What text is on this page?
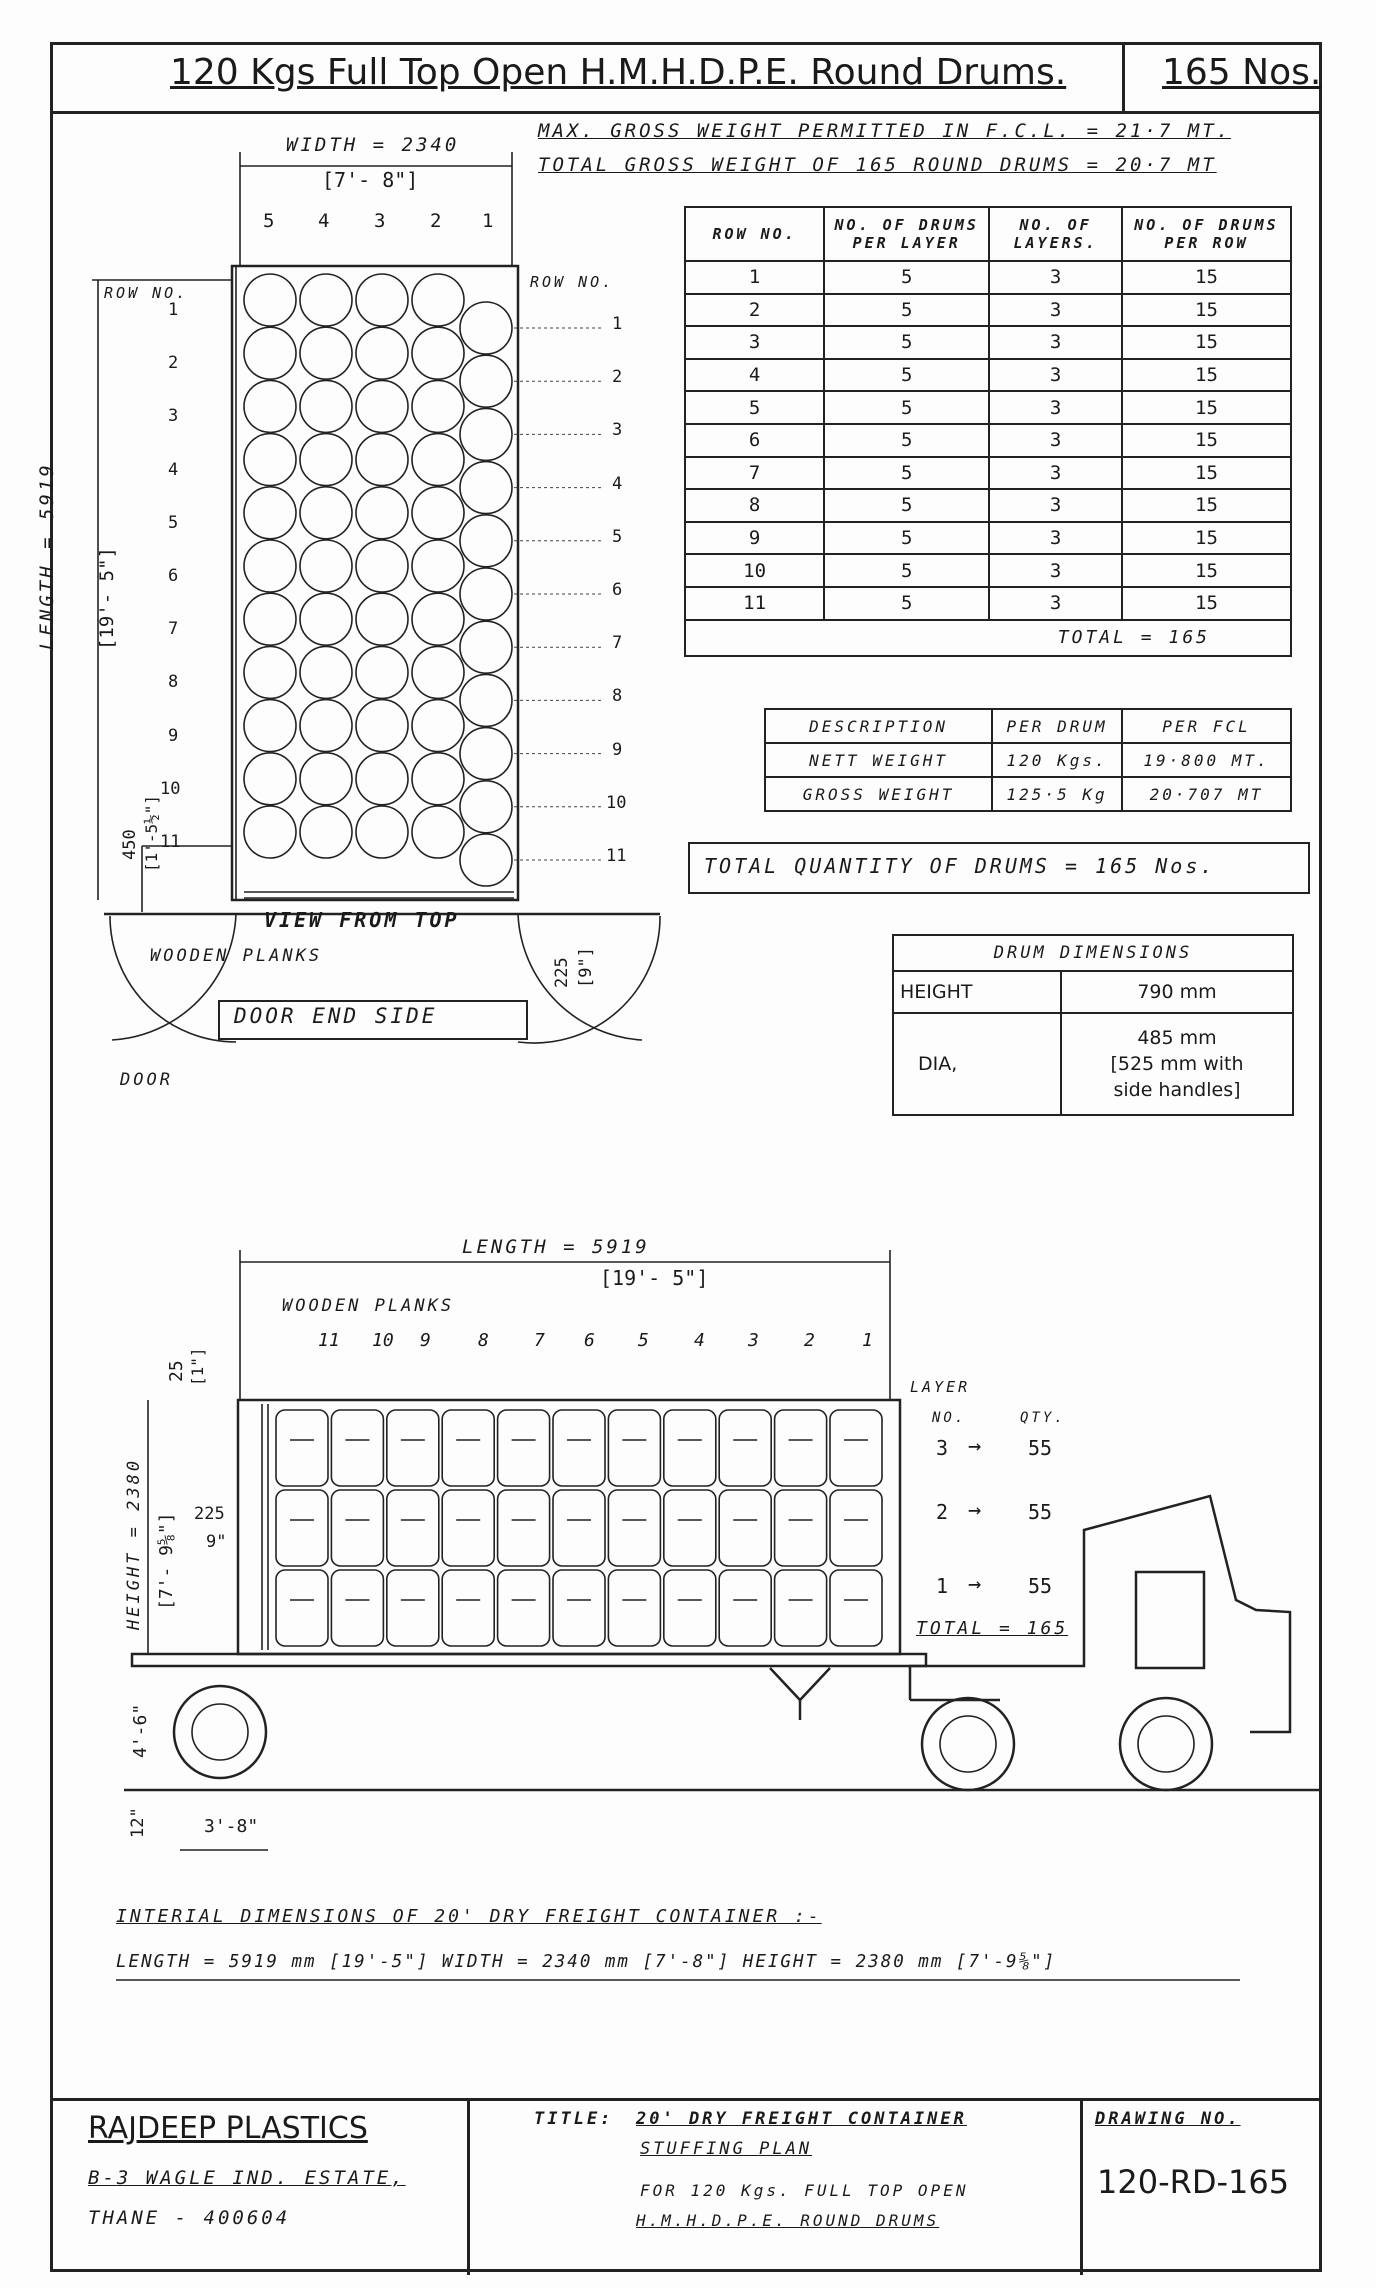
120 Kgs Full Top Open H.M.H.D.P.E. Round Drums.	165 Nos.
MAX. GROSS WEIGHT PERMITTED IN F.C.L. = 21·7 MT.
TOTAL GROSS WEIGHT OF 165 ROUND DRUMS = 20·7 MT
WIDTH = 2340
[7'- 8"]
ROW NO.
ROW NO.
5 4 3 2 1
1
2
3
4
5
6
7
8
9
10
11
1
2
3
4
5
6
7
8
9
10
11
LENGTH = 5919 [19'- 5"]
450 [1'-5½"]
225 [9"]
VIEW FROM TOP
WOODEN PLANKS
DOOR END SIDE
DOOR
ROW NO.	NO. OF DRUMS PER LAYER	NO. OF LAYERS.	NO. OF DRUMS PER ROW
1	5	3	15
2	5	3	15
3	5	3	15
4	5	3	15
5	5	3	15
6	5	3	15
7	5	3	15
8	5	3	15
9	5	3	15
10	5	3	15
11	5	3	15
TOTAL = 165			
DESCRIPTION	PER DRUM	PER FCL
NETT WEIGHT	120 Kgs.	19·800 MT.
GROSS WEIGHT	125·5 Kg	20·707 MT
TOTAL QUANTITY OF DRUMS = 165 Nos.
DRUM DIMENSIONS	
HEIGHT	790 mm
DIA,	485 mm
[525 mm with
side handles]
LENGTH = 5919
[19'- 5"]
WOODEN PLANKS
11 10 9	8	7 6 5	4 3	2	1
25 [1"]
HEIGHT = 2380 [7'- 9⅝"] 225
9"
LAYER
NO.	QTY.
3 → 55
2 → 55
1 → 55
TOTAL = 165
4'-6"
12"	3'-8"
INTERIAL DIMENSIONS OF 20' DRY FREIGHT CONTAINER :-
LENGTH = 5919 mm [19'-5"] WIDTH = 2340 mm [7'-8"] HEIGHT = 2380 mm [7'-9⅝"]
RAJDEEP PLASTICS
B-3 WAGLE IND. ESTATE,
THANE - 400604
TITLE: 20' DRY FREIGHT CONTAINER
STUFFING PLAN
FOR 120 Kgs. FULL TOP OPEN
H.M.H.D.P.E. ROUND DRUMS
DRAWING NO.
120-RD-165
